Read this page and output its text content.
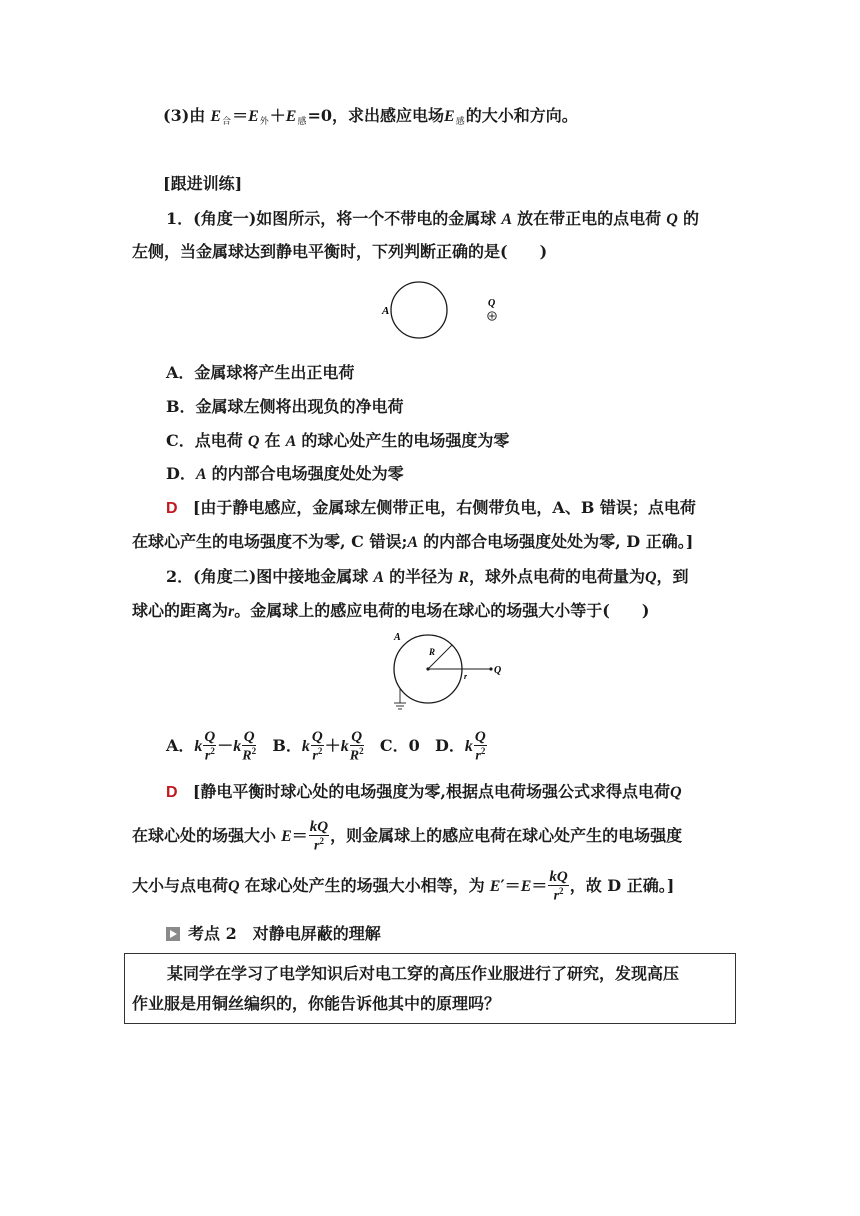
(3)由 E合＝E外＋E感=0，求出感应电场E感的大小和方向。
[跟进训练]
1．(角度一)如图所示，将一个不带电的金属球 A 放在带正电的点电荷 Q 的
左侧，当金属球达到静电平衡时，下列判断正确的是(　　)
A
Q
A．金属球将产生出正电荷
B．金属球左侧将出现负的净电荷
C．点电荷 Q 在 A 的球心处产生的电场强度为零
D．A 的内部合电场强度处处为零
D [由于静电感应，金属球左侧带正电，右侧带负电，A、B 错误；点电荷
在球心产生的电场强度不为零, C 错误;A 的内部合电场强度处处为零, D 正确。]
2．(角度二)图中接地金属球 A 的半径为 R，球外点电荷的电荷量为Q，到
球心的距离为r。金属球上的感应电荷的电场在球心的场强大小等于(　　)
A
R
r
Q
A．k $\frac{Q}{r^2} -k \frac{Q}{R^2}$ B．k $\frac{Q}{r^2} +k \frac{Q}{R^2}$ C．0 D．k $\frac{Q}{r^2}$
D [静电平衡时球心处的电场强度为零,根据点电荷场强公式求得点电荷Q
在球心处的场强大小 $E= \frac{kQ}{r^2}$ ，则金属球上的感应电荷在球心处产生的电场强度
大小与点电荷Q 在球心处产生的场强大小相等，为 $E'=E= \frac{kQ}{r^2}$ ，故 D 正确。]
考点 2　对静电屏蔽的理解
某同学在学习了电学知识后对电工穿的高压作业服进行了研究，发现高压
作业服是用铜丝编织的，你能告诉他其中的原理吗？
